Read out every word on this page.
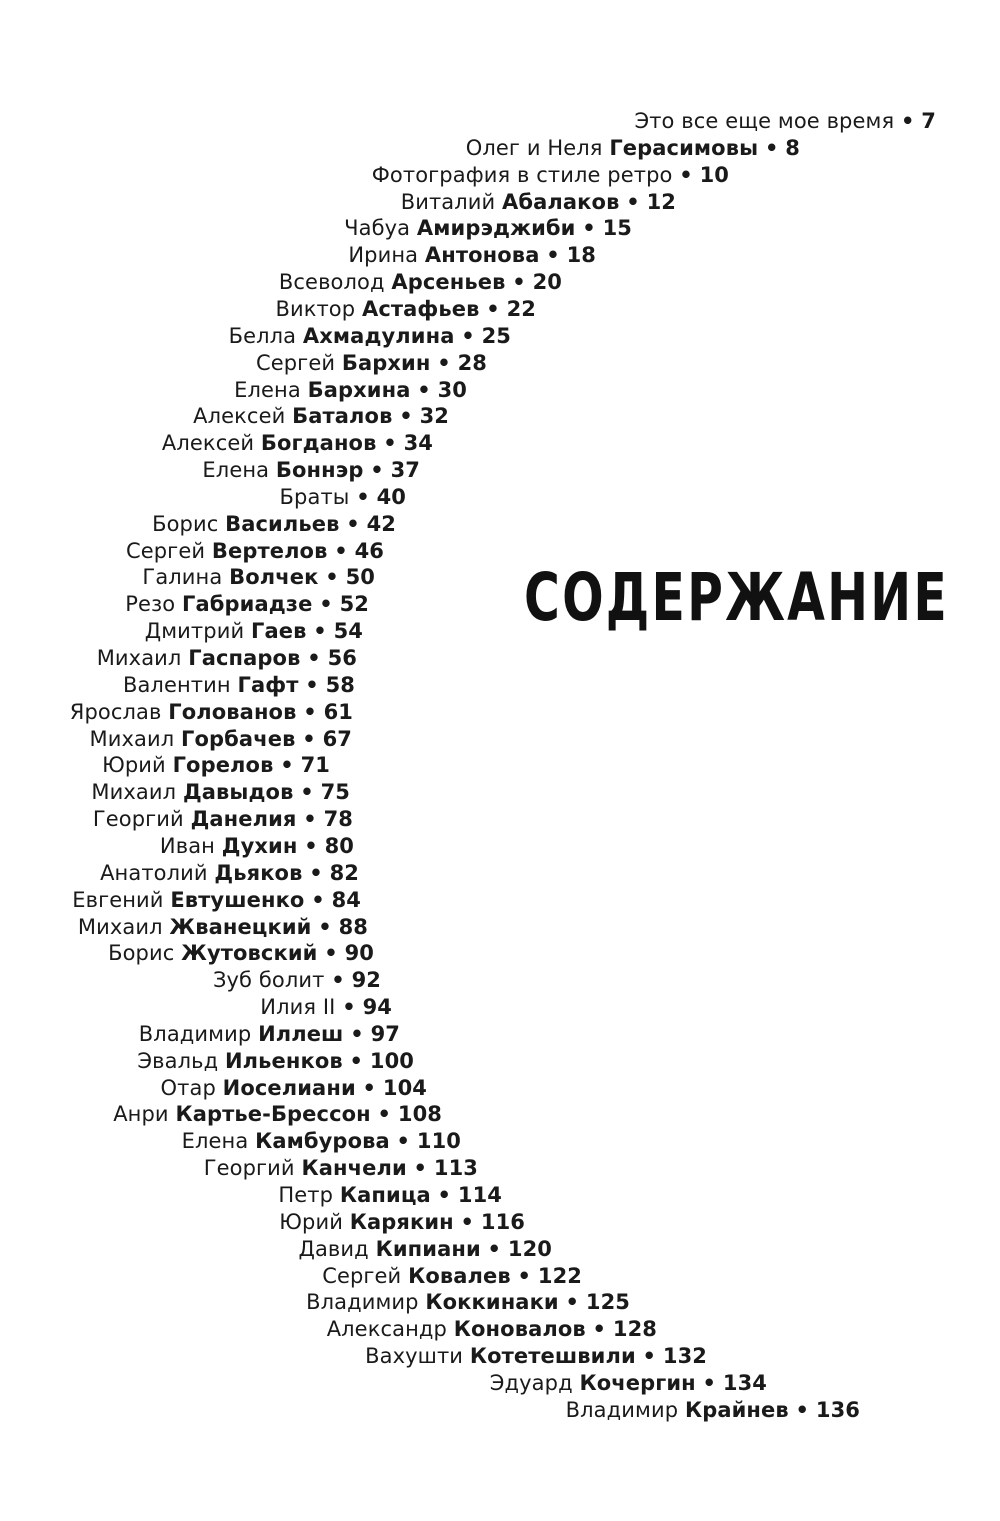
СОДЕРЖАНИЕ
Это все еще мое время • 7
Олег и Неля Герасимовы • 8
Фотография в стиле ретро • 10
Виталий Абалаков • 12
Чабуа Амирэджиби • 15
Ирина Антонова • 18
Всеволод Арсеньев • 20
Виктор Астафьев • 22
Белла Ахмадулина • 25
Сергей Бархин • 28
Елена Бархина • 30
Алексей Баталов • 32
Алексей Богданов • 34
Елена Боннэр • 37
Браты • 40
Борис Васильев • 42
Сергей Вертелов • 46
Галина Волчек • 50
Резо Габриадзе • 52
Дмитрий Гаев • 54
Михаил Гаспаров • 56
Валентин Гафт • 58
Ярослав Голованов • 61
Михаил Горбачев • 67
Юрий Горелов • 71
Михаил Давыдов • 75
Георгий Данелия • 78
Иван Духин • 80
Анатолий Дьяков • 82
Евгений Евтушенко • 84
Михаил Жванецкий • 88
Борис Жутовский • 90
Зуб болит • 92
Илия II • 94
Владимир Иллеш • 97
Эвальд Ильенков • 100
Отар Иоселиани • 104
Анри Картье-Брессон • 108
Елена Камбурова • 110
Георгий Канчели • 113
Петр Капица • 114
Юрий Карякин • 116
Давид Кипиани • 120
Сергей Ковалев • 122
Владимир Коккинаки • 125
Александр Коновалов • 128
Вахушти Котетешвили • 132
Эдуард Кочергин • 134
Владимир Крайнев • 136
